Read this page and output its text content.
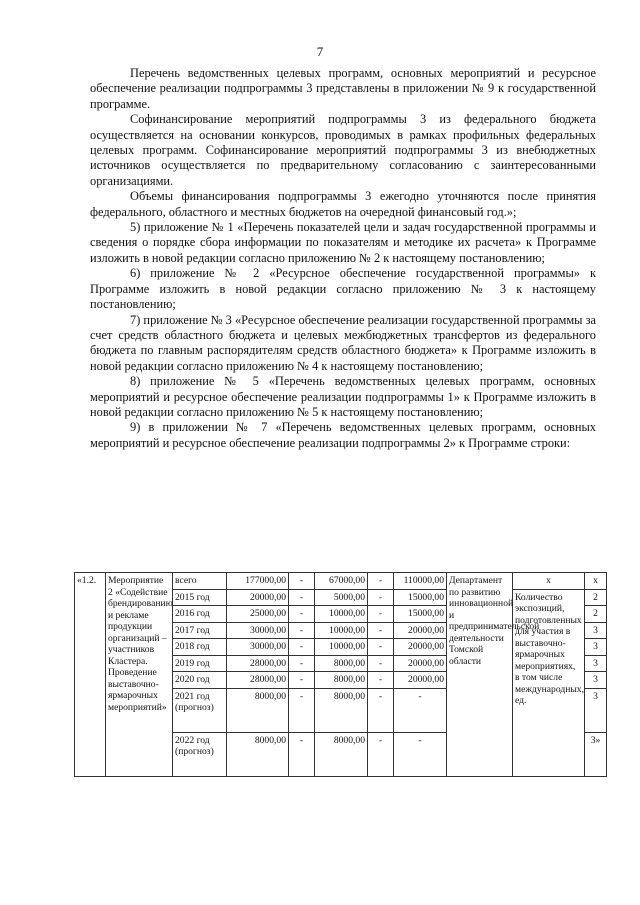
7

Перечень ведомственных целевых программ, основных мероприятий и ресурсное обеспечение реализации подпрограммы 3 представлены в приложении № 9 к государственной программе.

Софинансирование мероприятий подпрограммы 3 из федерального бюджета осуществляется на основании конкурсов, проводимых в рамках профильных федеральных целевых программ. Софинансирование мероприятий подпрограммы 3 из внебюджетных источников осуществляется по предварительному согласованию с заинтересованными организациями.

Объемы финансирования подпрограммы 3 ежегодно уточняются после принятия федерального, областного и местных бюджетов на очередной финансовый год.»;

5) приложение № 1 «Перечень показателей цели и задач государственной программы и сведения о порядке сбора информации по показателям и методике их расчета» к Программе изложить в новой редакции согласно приложению № 2 к настоящему постановлению;

6) приложение № 2 «Ресурсное обеспечение государственной программы» к Программе изложить в новой редакции согласно приложению № 3 к настоящему постановлению;

7) приложение № 3 «Ресурсное обеспечение реализации государственной программы за счет средств областного бюджета и целевых межбюджетных трансфертов из федерального бюджета по главным распорядителям средств областного бюджета» к Программе изложить в новой редакции согласно приложению № 4 к настоящему постановлению;

8) приложение № 5 «Перечень ведомственных целевых программ, основных мероприятий и ресурсное обеспечение реализации подпрограммы 1» к Программе изложить в новой редакции согласно приложению № 5 к настоящему постановлению;

9) в приложении № 7 «Перечень ведомственных целевых программ, основных мероприятий и ресурсное обеспечение реализации подпрограммы 2» к Программе строки:

«1.2.	Мероприятие 2 «Содействие брендированию и рекламе продукции организаций – участников Кластера. Проведение выставочно-ярмарочных мероприятий»	всего	177000,00	-	67000,00	-	110000,00	Департамент по развитию инновационной и предпринимательской деятельности Томской области	x	x
		2015 год	20000,00	-	5000,00	-	15000,00		Количество экспозиций, подготовленных для участия в выставочно-ярмарочных мероприятиях, в том числе международных, ед.	2
		2016 год	25000,00	-	10000,00	-	15000,00			2
		2017 год	30000,00	-	10000,00	-	20000,00			3
		2018 год	30000,00	-	10000,00	-	20000,00			3
		2019 год	28000,00	-	8000,00	-	20000,00			3
		2020 год	28000,00	-	8000,00	-	20000,00			3
		2021 год (прогноз)	8000,00	-	8000,00	-	-			3
		2022 год (прогноз)	8000,00	-	8000,00	-	-			3»
